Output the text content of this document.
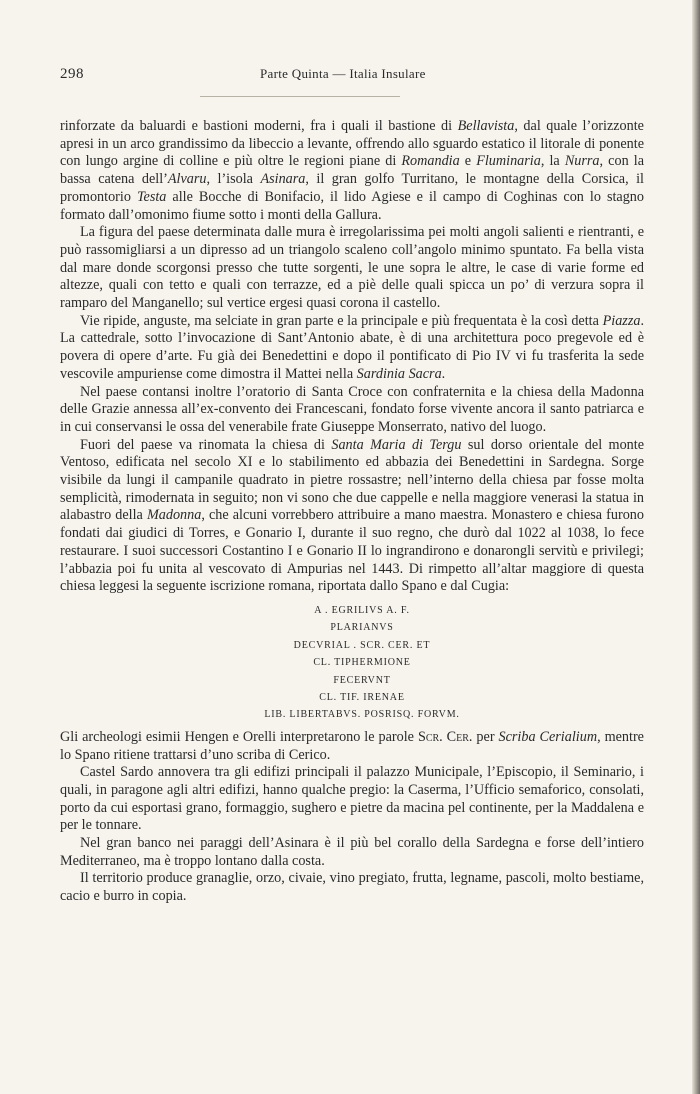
298	Parte Quinta — Italia Insulare

rinforzate da baluardi e bastioni moderni, fra i quali il bastione di Bellavista, dal quale l’orizzonte apresi in un arco grandissimo da libeccio a levante, offrendo allo sguardo estatico il litorale di ponente con lungo argine di colline e più oltre le regioni piane di Romandia e Fluminaria, la Nurra, con la bassa catena dell’Alvaru, l’isola Asinara, il gran golfo Turritano, le montagne della Corsica, il promontorio Testa alle Bocche di Bonifacio, il lido Agiese e il campo di Coghinas con lo stagno formato dall’omonimo fiume sotto i monti della Gallura.

La figura del paese determinata dalle mura è irregolarissima pei molti angoli salienti e rientranti, e può rassomigliarsi a un dipresso ad un triangolo scaleno coll’angolo minimo spuntato. Fa bella vista dal mare donde scorgonsi presso che tutte sorgenti, le une sopra le altre, le case di varie forme ed altezze, quali con tetto e quali con terrazze, ed a piè delle quali spicca un po’ di verzura sopra il ramparo del Manganello; sul vertice ergesi quasi corona il castello.

Vie ripide, anguste, ma selciate in gran parte e la principale e più frequentata è la così detta Piazza. La cattedrale, sotto l’invocazione di Sant’Antonio abate, è di una architettura poco pregevole ed è povera di opere d’arte. Fu già dei Benedettini e dopo il pontificato di Pio IV vi fu trasferita la sede vescovile ampuriense come dimostra il Mattei nella Sardinia Sacra.

Nel paese contansi inoltre l’oratorio di Santa Croce con confraternita e la chiesa della Madonna delle Grazie annessa all’ex-convento dei Francescani, fondato forse vivente ancora il santo patriarca e in cui conservansi le ossa del venerabile frate Giuseppe Monserrato, nativo del luogo.

Fuori del paese va rinomata la chiesa di Santa Maria di Tergu sul dorso orientale del monte Ventoso, edificata nel secolo XI e lo stabilimento ed abbazia dei Benedettini in Sardegna. Sorge visibile da lungi il campanile quadrato in pietre rossastre; nell’interno della chiesa par fosse molta semplicità, rimodernata in seguito; non vi sono che due cappelle e nella maggiore venerasi la statua in alabastro della Madonna, che alcuni vorrebbero attribuire a mano maestra. Monastero e chiesa furono fondati dai giudici di Torres, e Gonario I, durante il suo regno, che durò dal 1022 al 1038, lo fece restaurare. I suoi successori Costantino I e Gonario II lo ingrandirono e donarongli servitù e privilegi; l’abbazia poi fu unita al vescovato di Ampurias nel 1443. Di rimpetto all’altar maggiore di questa chiesa leggesi la seguente iscrizione romana, riportata dallo Spano e dal Cugia:

A . EGRILIVS A. F.
PLARIANVS
DECVRIAL . SCR. CER. ET
CL. TIPHERMIONE
FECERVNT
CL. TIF. IRENAE
LIB. LIBERTABVS. POSRISQ. FORVM.

Gli archeologi esimii Hengen e Orelli interpretarono le parole Scr. Cer. per Scriba Cerialium, mentre lo Spano ritiene trattarsi d’uno scriba di Cerico.

Castel Sardo annovera tra gli edifizi principali il palazzo Municipale, l’Episcopio, il Seminario, i quali, in paragone agli altri edifizi, hanno qualche pregio: la Caserma, l’Ufficio semaforico, consolati, porto da cui esportasi grano, formaggio, sughero e pietre da macina pel continente, per la Maddalena e per le tonnare.

Nel gran banco nei paraggi dell’Asinara è il più bel corallo della Sardegna e forse dell’intiero Mediterraneo, ma è troppo lontano dalla costa.

Il territorio produce granaglie, orzo, civaie, vino pregiato, frutta, legname, pascoli, molto bestiame, cacio e burro in copia.
